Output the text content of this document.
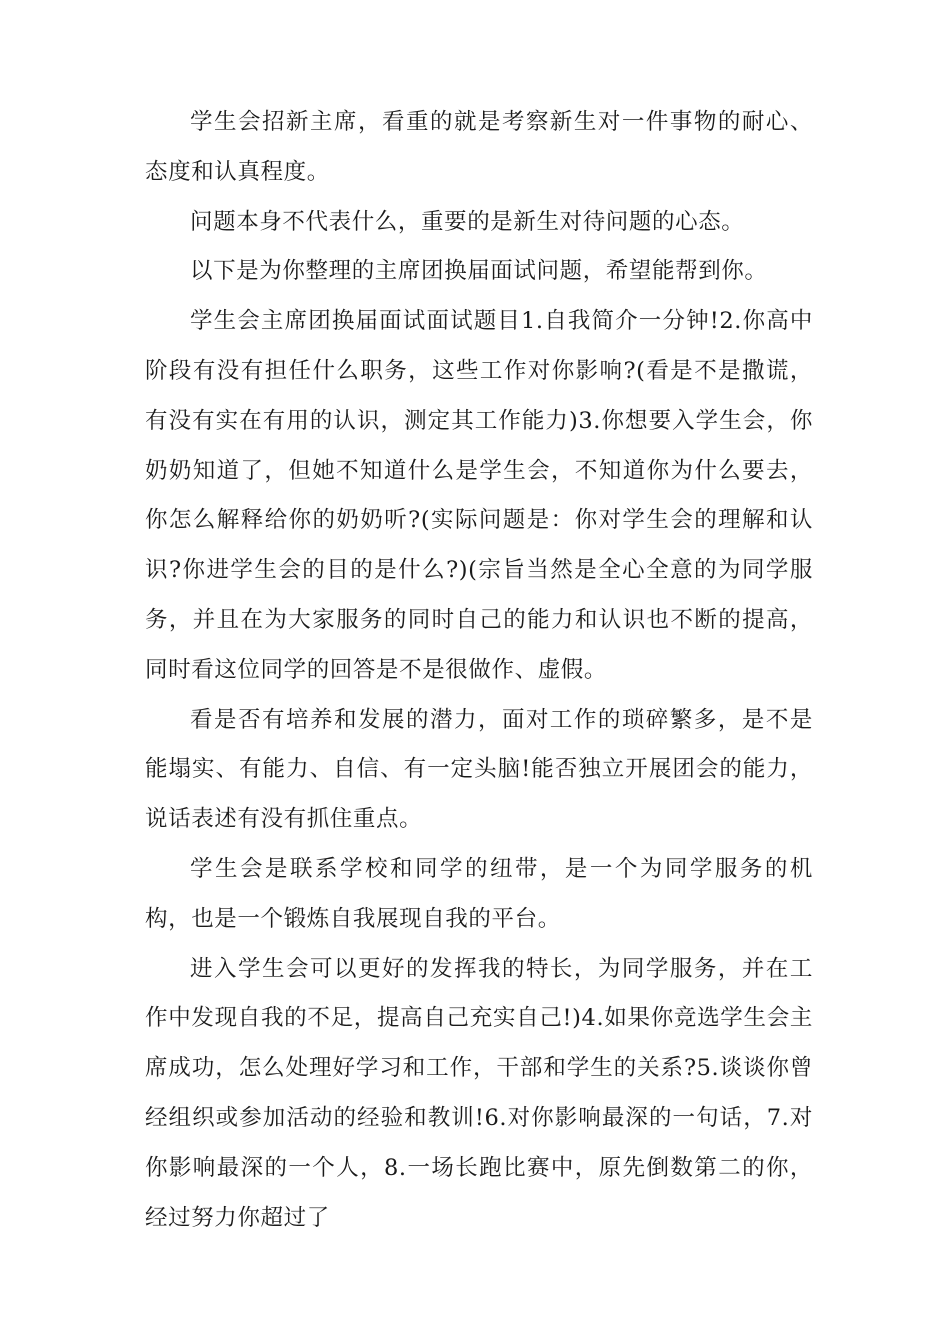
学生会招新主席，看重的就是考察新生对一件事物的耐心、态度和认真程度。

问题本身不代表什么，重要的是新生对待问题的心态。

以下是为你整理的主席团换届面试问题，希望能帮到你。

学生会主席团换届面试面试题目1.自我简介一分钟!2.你高中阶段有没有担任什么职务，这些工作对你影响?(看是不是撒谎，有没有实在有用的认识，测定其工作能力)3.你想要入学生会，你奶奶知道了，但她不知道什么是学生会，不知道你为什么要去，你怎么解释给你的奶奶听?(实际问题是：你对学生会的理解和认识?你进学生会的目的是什么?)(宗旨当然是全心全意的为同学服务，并且在为大家服务的同时自己的能力和认识也不断的提高，同时看这位同学的回答是不是很做作、虚假。

看是否有培养和发展的潜力，面对工作的琐碎繁多，是不是能塌实、有能力、自信、有一定头脑!能否独立开展团会的能力，说话表述有没有抓住重点。

学生会是联系学校和同学的纽带，是一个为同学服务的机构，也是一个锻炼自我展现自我的平台。

进入学生会可以更好的发挥我的特长，为同学服务，并在工作中发现自我的不足，提高自己充实自己!)4.如果你竞选学生会主席成功，怎么处理好学习和工作，干部和学生的关系?5.谈谈你曾经组织或参加活动的经验和教训!6.对你影响最深的一句话，7.对你影响最深的一个人，8.一场长跑比赛中，原先倒数第二的你，经过努力你超过了
